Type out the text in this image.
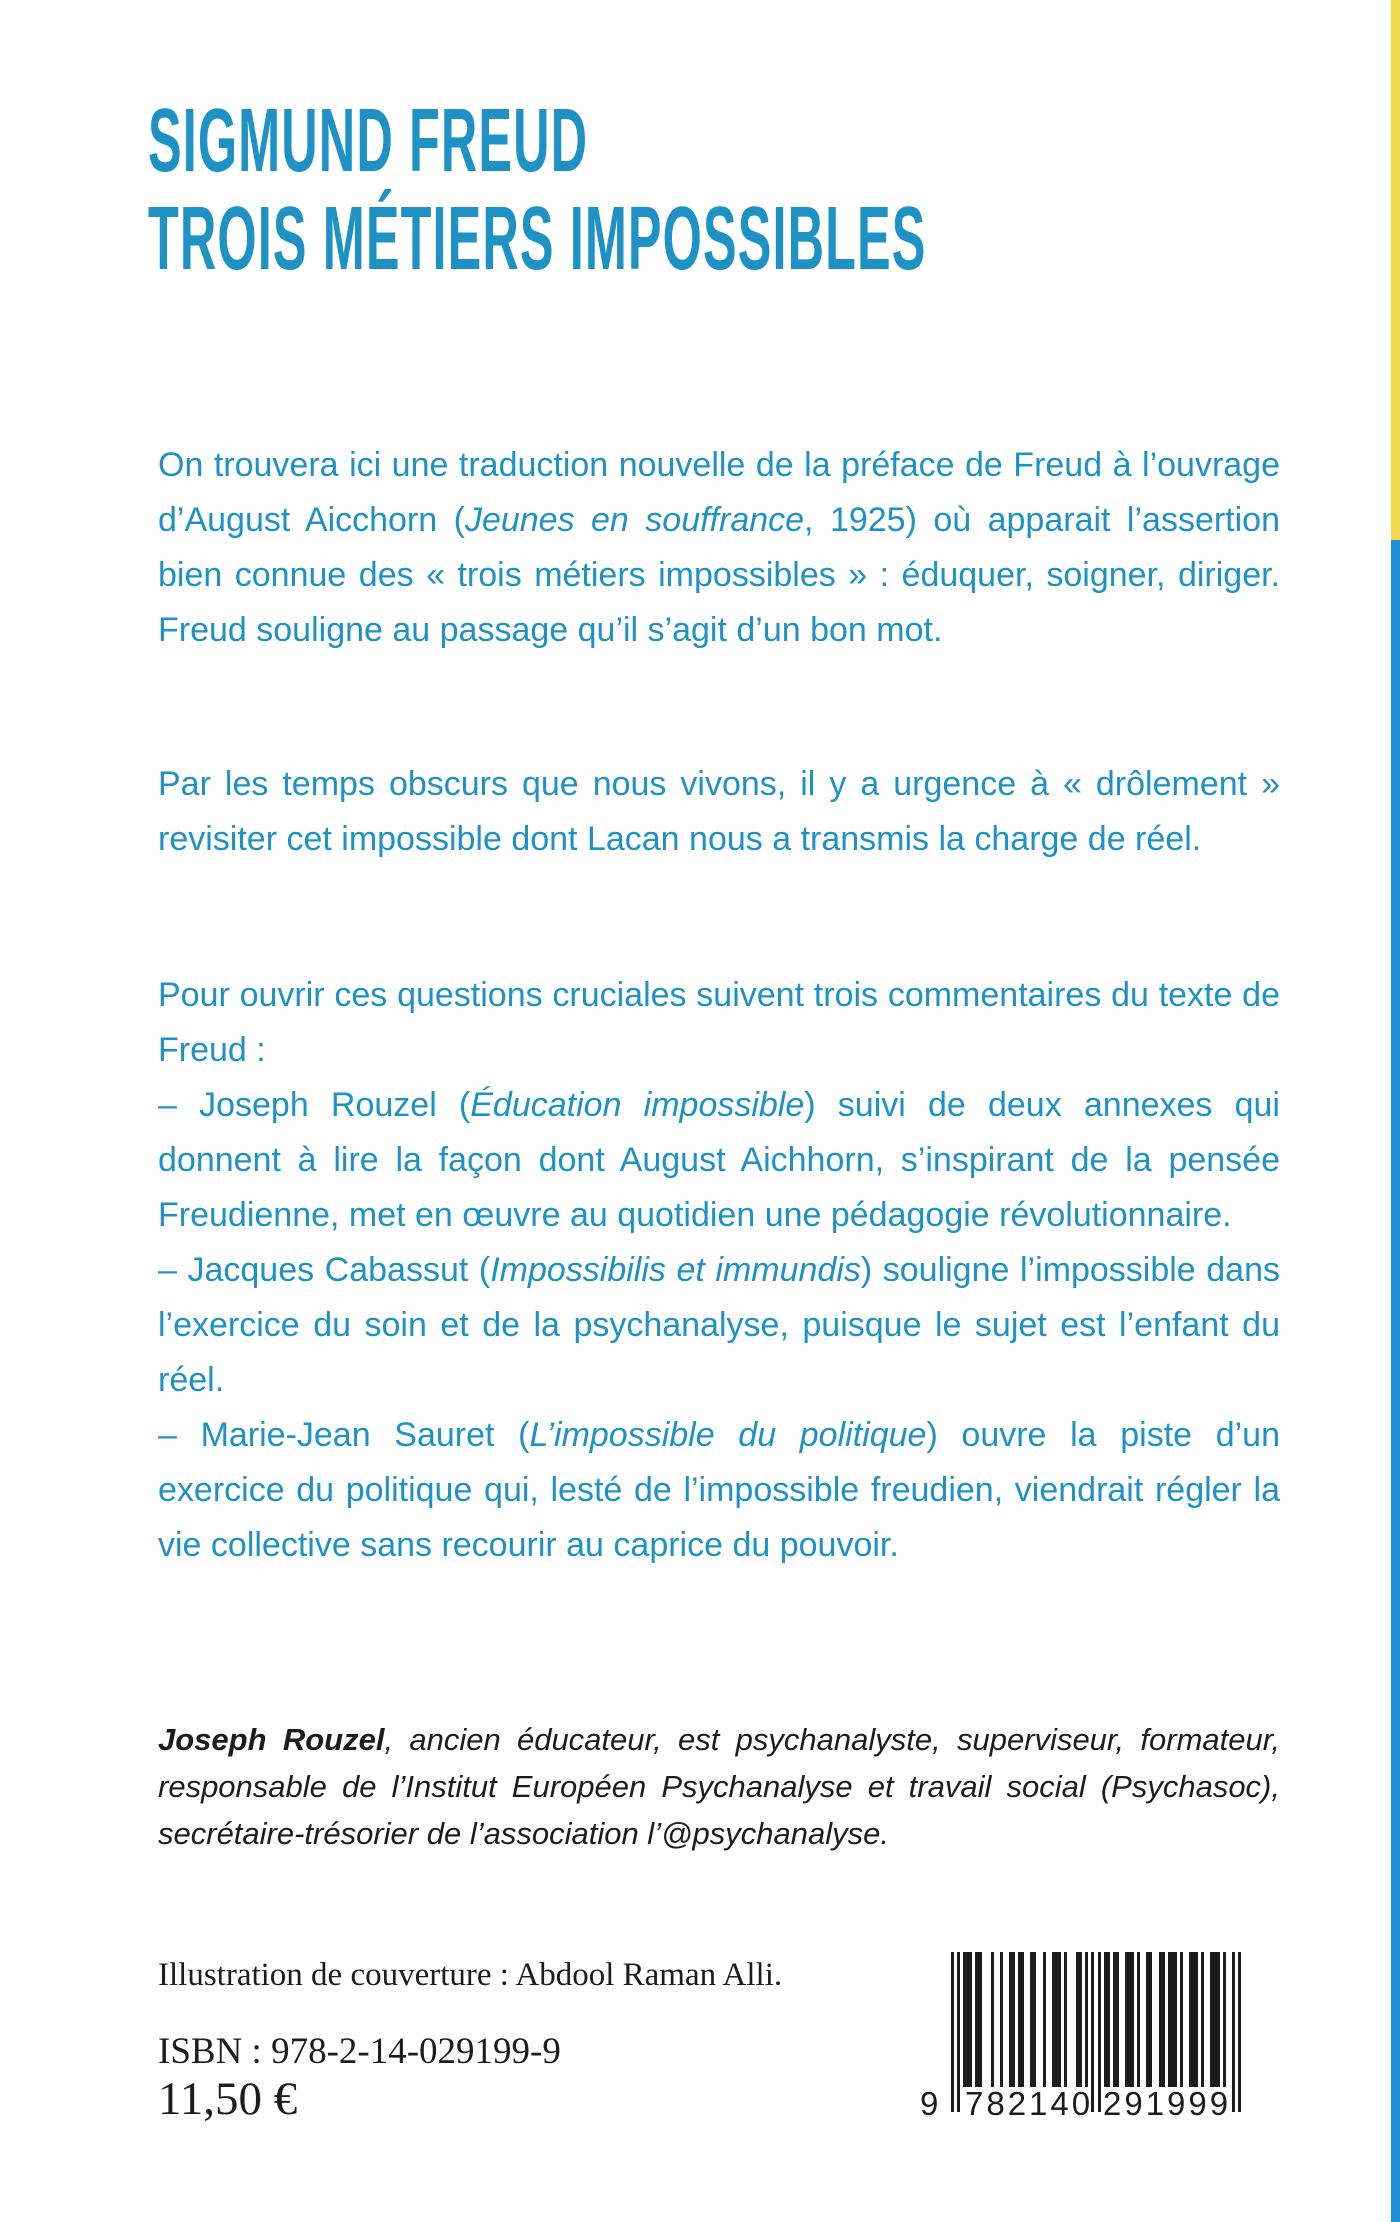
SIGMUND FREUD
TROIS MÉTIERS IMPOSSIBLES

On trouvera ici une traduction nouvelle de la préface de Freud à l’ouvrage d’August Aicchorn (Jeunes en souffrance, 1925) où apparait l’assertion bien connue des « trois métiers impossibles » : éduquer, soigner, diriger. Freud souligne au passage qu’il s’agit d’un bon mot.

Par les temps obscurs que nous vivons, il y a urgence à « drôlement » revisiter cet impossible dont Lacan nous a transmis la charge de réel.

Pour ouvrir ces questions cruciales suivent trois commentaires du texte de Freud :

– Joseph Rouzel (Éducation impossible) suivi de deux annexes qui donnent à lire la façon dont August Aichhorn, s’inspirant de la pensée Freudienne, met en œuvre au quotidien une pédagogie révolutionnaire.

– Jacques Cabassut (Impossibilis et immundis) souligne l’impossible dans l’exercice du soin et de la psychanalyse, puisque le sujet est l’enfant du réel.

– Marie-Jean Sauret (L’impossible du politique) ouvre la piste d’un exercice du politique qui, lesté de l’impossible freudien, viendrait régler la vie collective sans recourir au caprice du pouvoir.

Joseph Rouzel, ancien éducateur, est psychanalyste, superviseur, formateur, responsable de l’Institut Européen Psychanalyse et travail social (Psychasoc), secrétaire-trésorier de l’association l’@psychanalyse.

Illustration de couverture : Abdool Raman Alli.
ISBN : 978-2-14-029199-9
11,50 €	9 782140 291999
